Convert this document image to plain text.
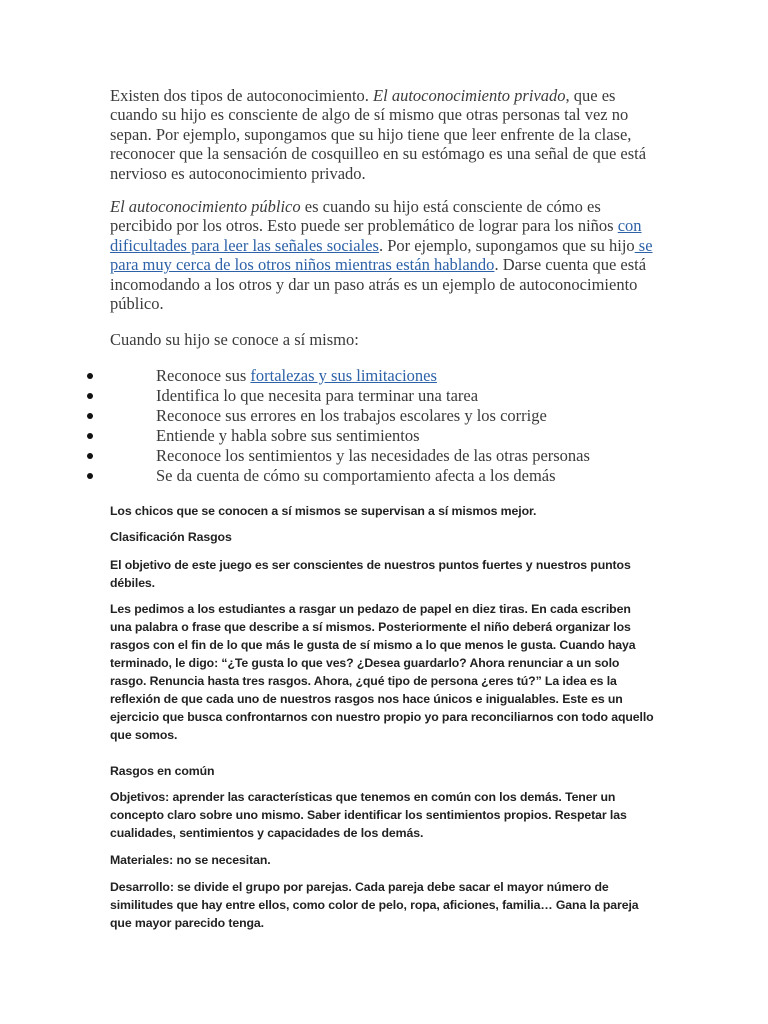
Existen dos tipos de autoconocimiento. El autoconocimiento privado, que es cuando su hijo es consciente de algo de sí mismo que otras personas tal vez no sepan. Por ejemplo, supongamos que su hijo tiene que leer enfrente de la clase, reconocer que la sensación de cosquilleo en su estómago es una señal de que está nervioso es autoconocimiento privado.

El autoconocimiento público es cuando su hijo está consciente de cómo es percibido por los otros. Esto puede ser problemático de lograr para los niños con dificultades para leer las señales sociales. Por ejemplo, supongamos que su hijo se para muy cerca de los otros niños mientras están hablando. Darse cuenta que está incomodando a los otros y dar un paso atrás es un ejemplo de autoconocimiento público.

Cuando su hijo se conoce a sí mismo:

Reconoce sus fortalezas y sus limitaciones
Identifica lo que necesita para terminar una tarea
Reconoce sus errores en los trabajos escolares y los corrige
Entiende y habla sobre sus sentimientos
Reconoce los sentimientos y las necesidades de las otras personas
Se da cuenta de cómo su comportamiento afecta a los demás

Los chicos que se conocen a sí mismos se supervisan a sí mismos mejor.

Clasificación Rasgos

El objetivo de este juego es ser conscientes de nuestros puntos fuertes y nuestros puntos débiles.

Les pedimos a los estudiantes a rasgar un pedazo de papel en diez tiras. En cada escriben una palabra o frase que describe a sí mismos. Posteriormente el niño deberá organizar los rasgos con el fin de lo que más le gusta de sí mismo a lo que menos le gusta. Cuando haya terminado, le digo: “¿Te gusta lo que ves? ¿Desea guardarlo? Ahora renunciar a un solo rasgo. Renuncia hasta tres rasgos. Ahora, ¿qué tipo de persona ¿eres tú?” La idea es la reflexión de que cada uno de nuestros rasgos nos hace únicos e inigualables. Este es un ejercicio que busca confrontarnos con nuestro propio yo para reconciliarnos con todo aquello que somos.

Rasgos en común

Objetivos: aprender las características que tenemos en común con los demás. Tener un concepto claro sobre uno mismo. Saber identificar los sentimientos propios. Respetar las cualidades, sentimientos y capacidades de los demás.

Materiales: no se necesitan.

Desarrollo: se divide el grupo por parejas. Cada pareja debe sacar el mayor número de similitudes que hay entre ellos, como color de pelo, ropa, aficiones, familia… Gana la pareja que mayor parecido tenga.
